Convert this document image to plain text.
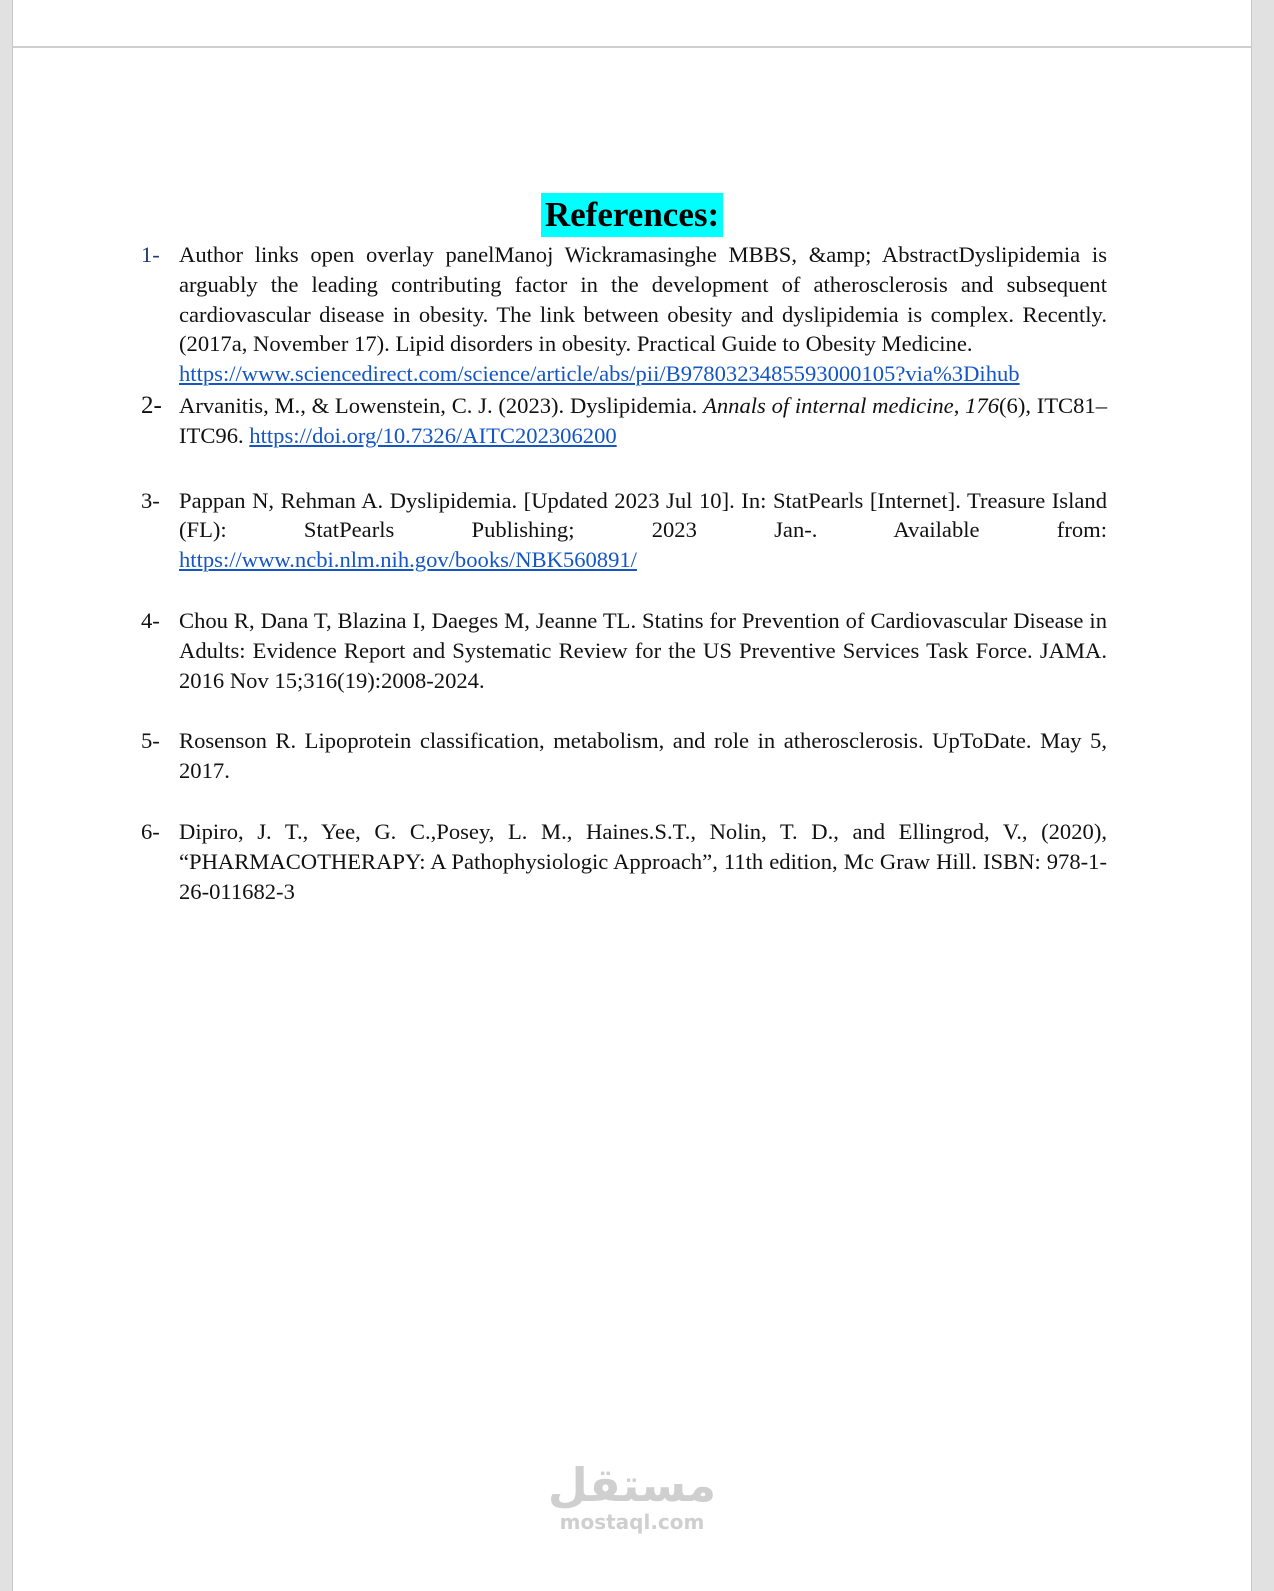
References:
1- Author links open overlay panelManoj Wickramasinghe MBBS, &amp; AbstractDyslipidemia is arguably the leading contributing factor in the development of atherosclerosis and subsequent cardiovascular disease in obesity. The link between obesity and dyslipidemia is complex. Recently. (2017a, November 17). Lipid disorders in obesity. Practical Guide to Obesity Medicine.
https://www.sciencedirect.com/science/article/abs/pii/B9780323485593000105?via%3Dihub
2- Arvanitis, M., & Lowenstein, C. J. (2023). Dyslipidemia. Annals of internal medicine, 176(6), ITC81–ITC96. https://doi.org/10.7326/AITC202306200
3- Pappan N, Rehman A. Dyslipidemia. [Updated 2023 Jul 10]. In: StatPearls [Internet]. Treasure Island (FL): StatPearls Publishing; 2023 Jan-. Available from:
https://www.ncbi.nlm.nih.gov/books/NBK560891/
4- Chou R, Dana T, Blazina I, Daeges M, Jeanne TL. Statins for Prevention of Cardiovascular Disease in Adults: Evidence Report and Systematic Review for the US Preventive Services Task Force. JAMA. 2016 Nov 15;316(19):2008-2024.
5- Rosenson R. Lipoprotein classification, metabolism, and role in atherosclerosis. UpToDate. May 5, 2017.
6- Dipiro, J. T., Yee, G. C.,Posey, L. M., Haines.S.T., Nolin, T. D., and Ellingrod, V., (2020), “PHARMACOTHERAPY: A Pathophysiologic Approach”, 11th edition, Mc Graw Hill. ISBN: 978-1-26-011682-3
مستقل
mostaql.com
